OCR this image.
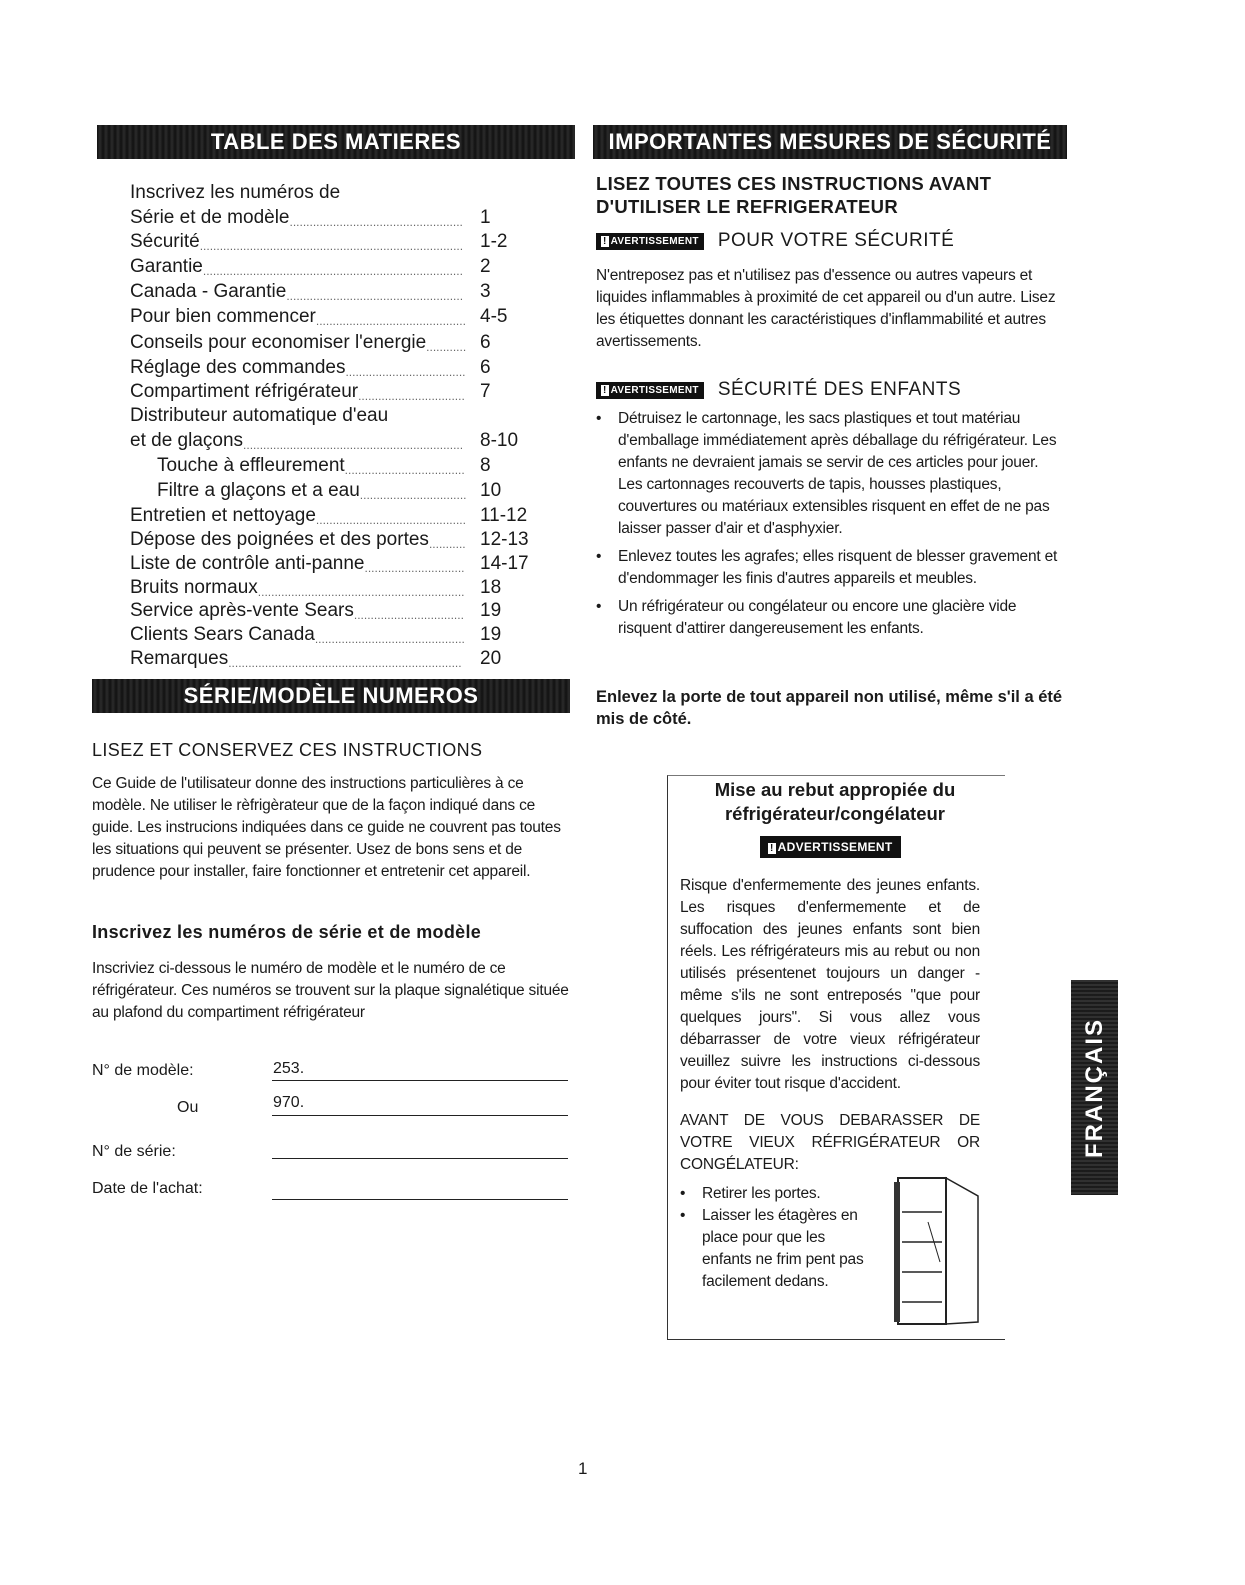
TABLE DES MATIERES
Inscrivez les numéros de
Série et de modèle.................................................... 1
Sécurité............................................................................... 1-2
Garantie.............................................................................. 2
Canada - Garantie..................................................... 3
Pour bien commencer............................................. 4-5
Conseils pour economiser l'energie............ 6
Réglage des commandes.................................... 6
Compartiment réfrigérateur................................ 7
Distributeur automatique d'eau
et de glaçons.................................................................. 8-10
Touche à effleurement.................................... 8
Filtre a glaçons et a eau................................ 10
Entretien et nettoyage............................................. 11-12
Dépose des poignées et des portes........... 12-13
Liste de contrôle anti-panne.............................. 14-17
Bruits normaux.............................................................. 18
Service après-vente Sears................................. 19
Clients Sears Canada............................................. 19
Remarques...................................................................... 20
SÉRIE/MODÈLE NUMEROS
LISEZ ET CONSERVEZ CES INSTRUCTIONS
Ce Guide de l'utilisateur donne des instructions particulières à ce modèle. Ne utiliser le rèfrigèrateur que de la façon indiqué dans ce guide. Les instrucions indiquées dans ce guide ne couvrent pas toutes les situations qui peuvent se présenter. Usez de bons sens et de prudence pour installer, faire fonctionner et entretenir cet appareil.
Inscrivez les numéros de série et de modèle
Inscriviez ci-dessous le numéro de modèle et le numéro de ce réfrigérateur. Ces numéros se trouvent sur la plaque signalétique située au plafond du compartiment réfrigérateur
N° de modèle:	253.
Ou	970.
N° de série:
Date de l'achat:
IMPORTANTES MESURES DE SÉCURITÉ
LISEZ TOUTES CES INSTRUCTIONS AVANT D'UTILISER LE REFRIGERATEUR
! AVERTISSEMENT POUR VOTRE SÉCURITÉ
N'entreposez pas et n'utilisez pas d'essence ou autres vapeurs et liquides inflammables à proximité de cet appareil ou d'un autre. Lisez les étiquettes donnant les caractéristiques d'inflammabilité et autres avertissements.
! AVERTISSEMENT SÉCURITÉ DES ENFANTS
• Détruisez le cartonnage, les sacs plastiques et tout matériau d'emballage immédiatement après déballage du réfrigérateur. Les enfants ne devraient jamais se servir de ces articles pour jouer. Les cartonnages recouverts de tapis, housses plastiques, couvertures ou matériaux extensibles risquent en effet de ne pas laisser passer d'air et d'asphyxier.
• Enlevez toutes les agrafes; elles risquent de blesser gravement et d'endommager les finis d'autres appareils et meubles.
• Un réfrigérateur ou congélateur ou encore une glacière vide risquent d'attirer dangereusement les enfants.
Enlevez la porte de tout appareil non utilisé, même s'il a été mis de côté.
Mise au rebut appropiée du réfrigérateur/congélateur
! ADVERTISSEMENT
Risque d'enfermemente des jeunes enfants. Les risques d'enfermemente et de suffocation des jeunes enfants sont bien réels. Les réfrigérateurs mis au rebut ou non utilisés présentenet toujours un danger - même s'ils ne sont entreposés "que pour quelques jours". Si vous allez vous débarrasser de votre vieux réfrigérateur veuillez suivre les instructions ci-dessous pour éviter tout risque d'accident.
AVANT DE VOUS DEBARASSER DE VOTRE VIEUX RÉFRIGÉRATEUR OR CONGÉLATEUR:
• Retirer les portes.
• Laisser les étagères en place pour que les enfants ne frim pent pas facilement dedans.
FRANÇAIS
1
